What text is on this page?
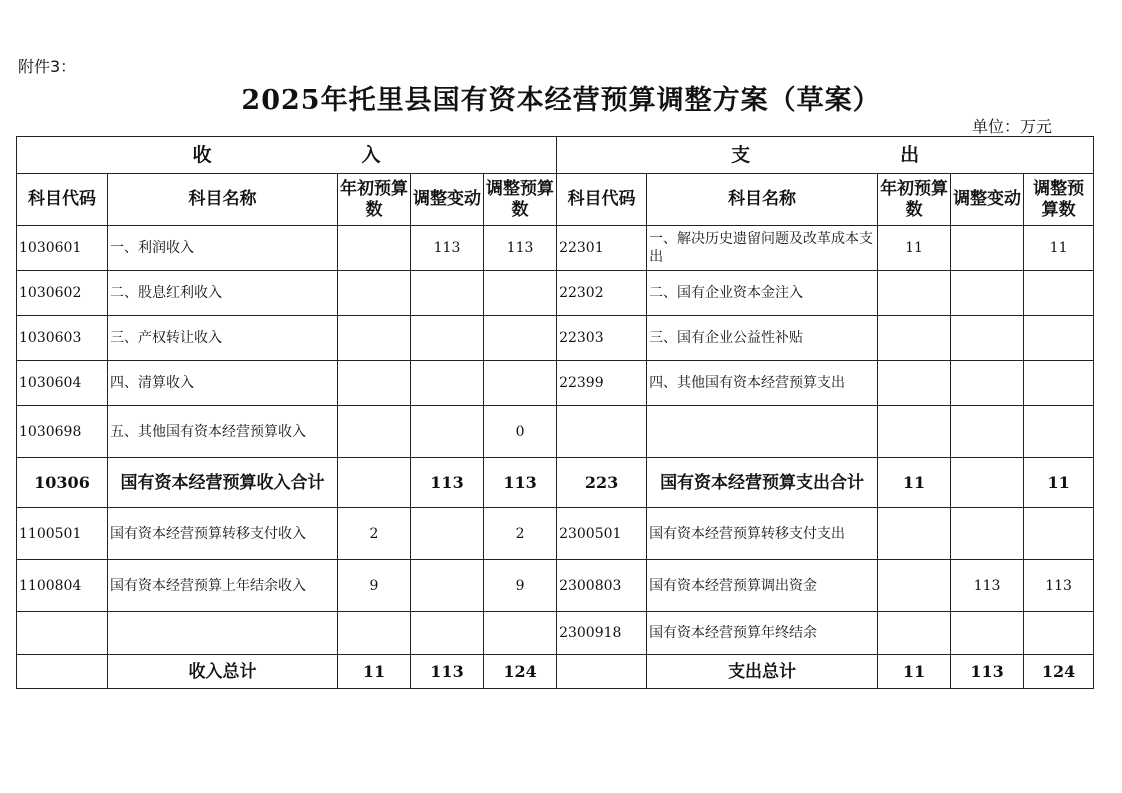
附件3：
2025年托里县国有资本经营预算调整方案（草案）
单位：万元
收 入					支 出				
科目代码	科目名称	年初预算数	调整变动	调整预算数	科目代码	科目名称	年初预算数	调整变动	调整预算数
1030601	一、利润收入		113	113	22301	一、解决历史遗留问题及改革成本支出	11		11
1030602	二、股息红利收入				22302	二、国有企业资本金注入			
1030603	三、产权转让收入				22303	三、国有企业公益性补贴			
1030604	四、清算收入				22399	四、其他国有资本经营预算支出			
1030698	五、其他国有资本经营预算收入			0					
10306	国有资本经营预算收入合计		113	113	223	国有资本经营预算支出合计	11		11
1100501	国有资本经营预算转移支付收入	2		2	2300501	国有资本经营预算转移支付支出			
1100804	国有资本经营预算上年结余收入	9		9	2300803	国有资本经营预算调出资金		113	113
					2300918	国有资本经营预算年终结余			
	收入总计	11	113	124		支出总计	11	113	124
